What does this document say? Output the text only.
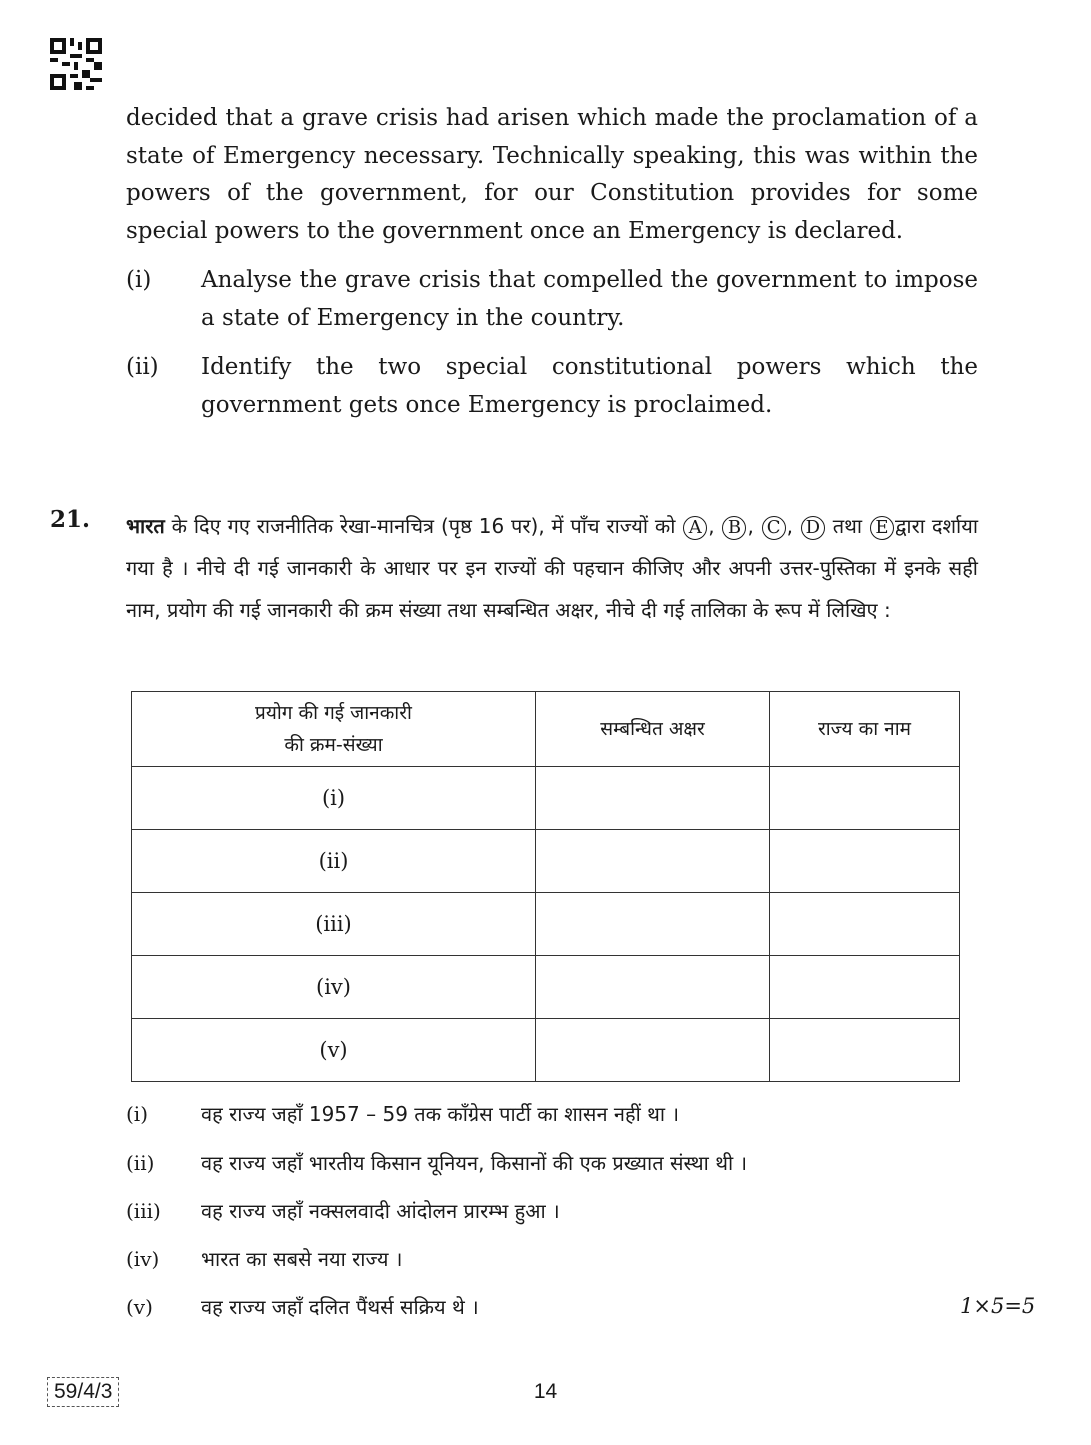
decided that a grave crisis had arisen which made the proclamation of a state of Emergency necessary. Technically speaking, this was within the powers of the government, for our Constitution provides for some special powers to the government once an Emergency is declared.

(i)	Analyse the grave crisis that compelled the government to impose a state of Emergency in the country.
(ii)	Identify the two special constitutional powers which the government gets once Emergency is proclaimed.
21. भारत के दिए गए राजनीतिक रेखा-मानचित्र (पृष्ठ 16 पर), में पाँच राज्यों को A , B , C , D तथा E द्वारा दर्शाया गया है । नीचे दी गई जानकारी के आधार पर इन राज्यों की पहचान कीजिए और अपनी उत्तर-पुस्तिका में इनके सही नाम, प्रयोग की गई जानकारी की क्रम संख्या तथा सम्बन्धित अक्षर, नीचे दी गई तालिका के रूप में लिखिए :

प्रयोग की गई जानकारी
की क्रम-संख्या	सम्बन्धित अक्षर	राज्य का नाम
(i)		
(ii)		
(iii)		
(iv)		
(v)		
(i)	वह राज्य जहाँ 1957 – 59 तक काँग्रेस पार्टी का शासन नहीं था ।
(ii) वह राज्य जहाँ भारतीय किसान यूनियन, किसानों की एक प्रख्यात संस्था थी ।
(iii) वह राज्य जहाँ नक्सलवादी आंदोलन प्रारम्भ हुआ ।
(iv) भारत का सबसे नया राज्य ।
(v) वह राज्य जहाँ दलित पैंथर्स सक्रिय थे ।	1×5=5
59/4/3	14
